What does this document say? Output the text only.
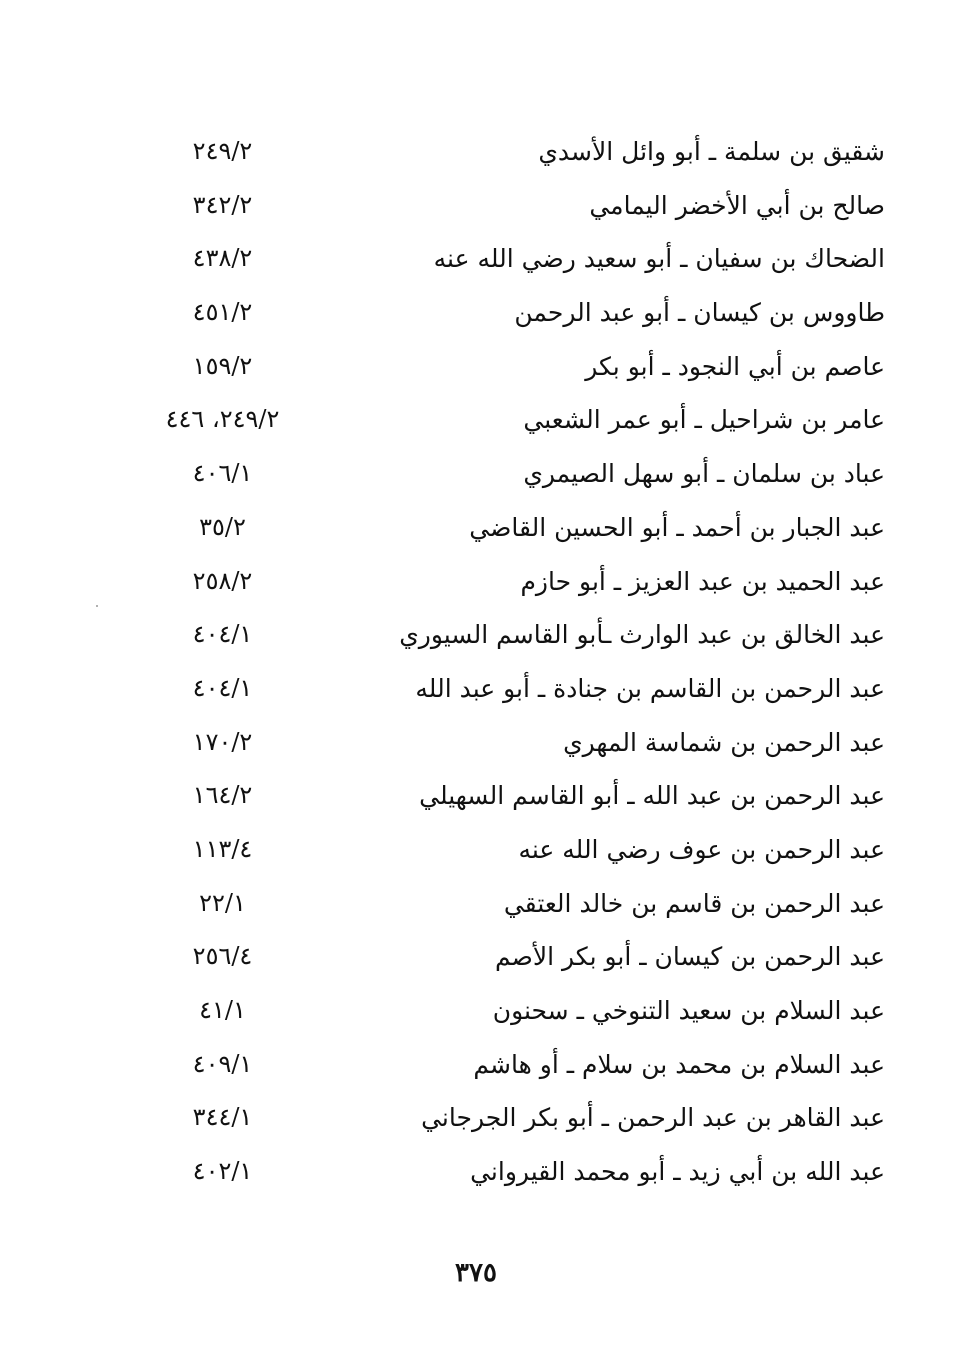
شقيق بن سلمة ـ أبو وائل الأسدي
٢٤٩/٢
صالح بن أبي الأخضر اليمامي
٣٤٢/٢
الضحاك بن سفيان ـ أبو سعيد رضي الله عنه
٤٣٨/٢
طاووس بن كيسان ـ أبو عبد الرحمن
٤٥١/٢
عاصم بن أبي النجود ـ أبو بكر
١٥٩/٢
عامر بن شراحيل ـ أبو عمر الشعبي
٢٤٩/٢، ٤٤٦
عباد بن سلمان ـ أبو سهل الصيمري
٤٠٦/١
عبد الجبار بن أحمد ـ أبو الحسين القاضي
٣٥/٢
عبد الحميد بن عبد العزيز ـ أبو حازم
٢٥٨/٢
عبد الخالق بن عبد الوارث ـأبو القاسم السيوري
٤٠٤/١
عبد الرحمن بن القاسم بن جنادة ـ أبو عبد الله
٤٠٤/١
عبد الرحمن بن شماسة المهري
١٧٠/٢
عبد الرحمن بن عبد الله ـ أبو القاسم السهيلي
١٦٤/٢
عبد الرحمن بن عوف رضي الله عنه
١١٣/٤
عبد الرحمن بن قاسم بن خالد العتقي
٢٢/١
عبد الرحمن بن كيسان ـ أبو بكر الأصم
٢٥٦/٤
عبد السلام بن سعيد التنوخي ـ سحنون
٤١/١
عبد السلام بن محمد بن سلام ـ أو هاشم
٤٠٩/١
عبد القاهر بن عبد الرحمن ـ أبو بكر الجرجاني
٣٤٤/١
عبد الله بن أبي زيد ـ أبو محمد القيرواني
٤٠٢/١
٣٧٥
